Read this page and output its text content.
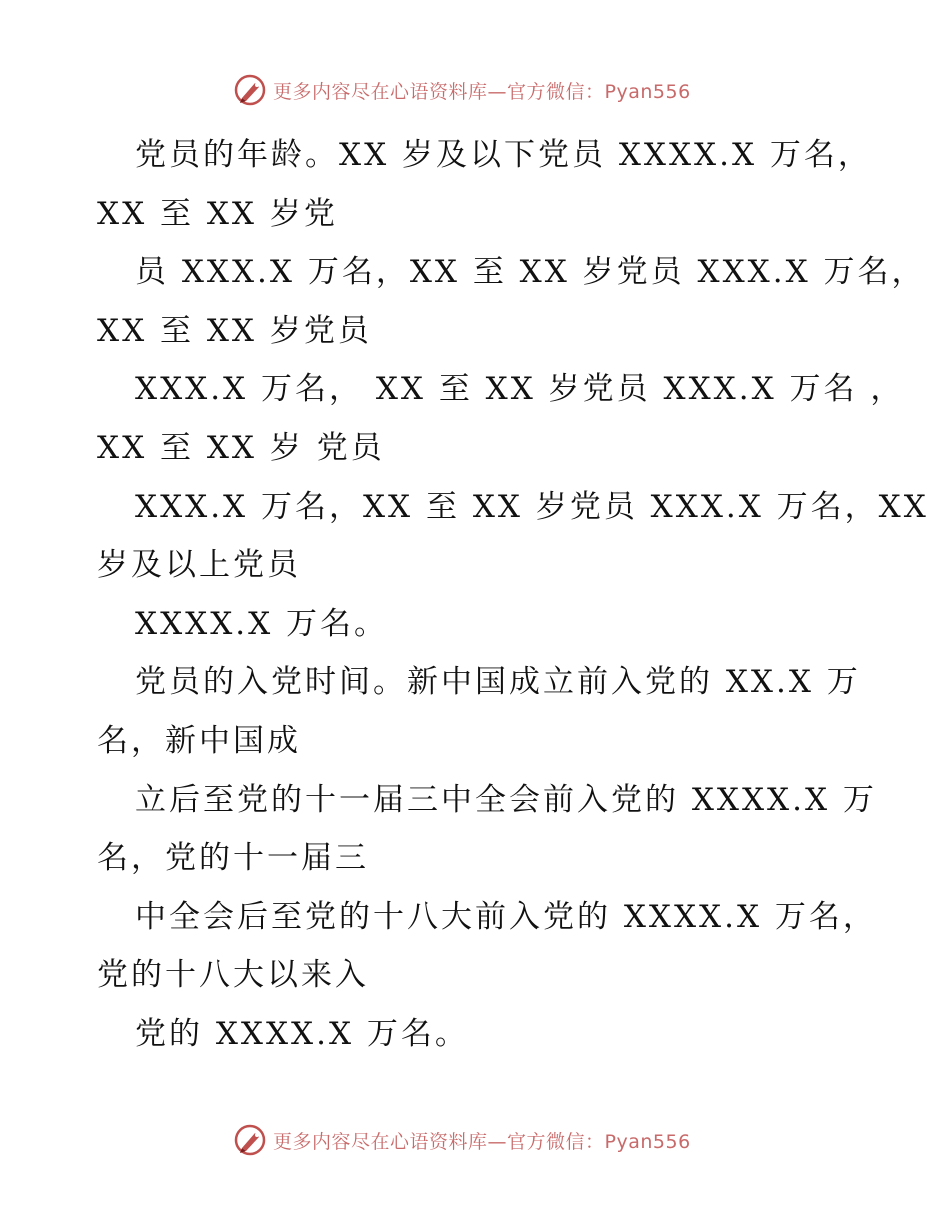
更多内容尽在心语资料库—官方微信：Pyan556
党员的年龄。XX 岁及以下党员 XXXX.X 万名，
XX 至 XX 岁党
员 XXX.X 万名，XX 至 XX 岁党员 XXX.X 万名，
XX 至 XX 岁党员
XXX.X 万名， XX 至 XX 岁党员 XXX.X 万名 ，
XX 至 XX 岁 党员
XXX.X 万名，XX 至 XX 岁党员 XXX.X 万名，XX
岁及以上党员
XXXX.X 万名。
党员的入党时间。新中国成立前入党的 XX.X 万
名，新中国成
立后至党的十一届三中全会前入党的 XXXX.X 万
名，党的十一届三
中全会后至党的十八大前入党的 XXXX.X 万名，
党的十八大以来入
党的 XXXX.X 万名。
更多内容尽在心语资料库—官方微信：Pyan556
